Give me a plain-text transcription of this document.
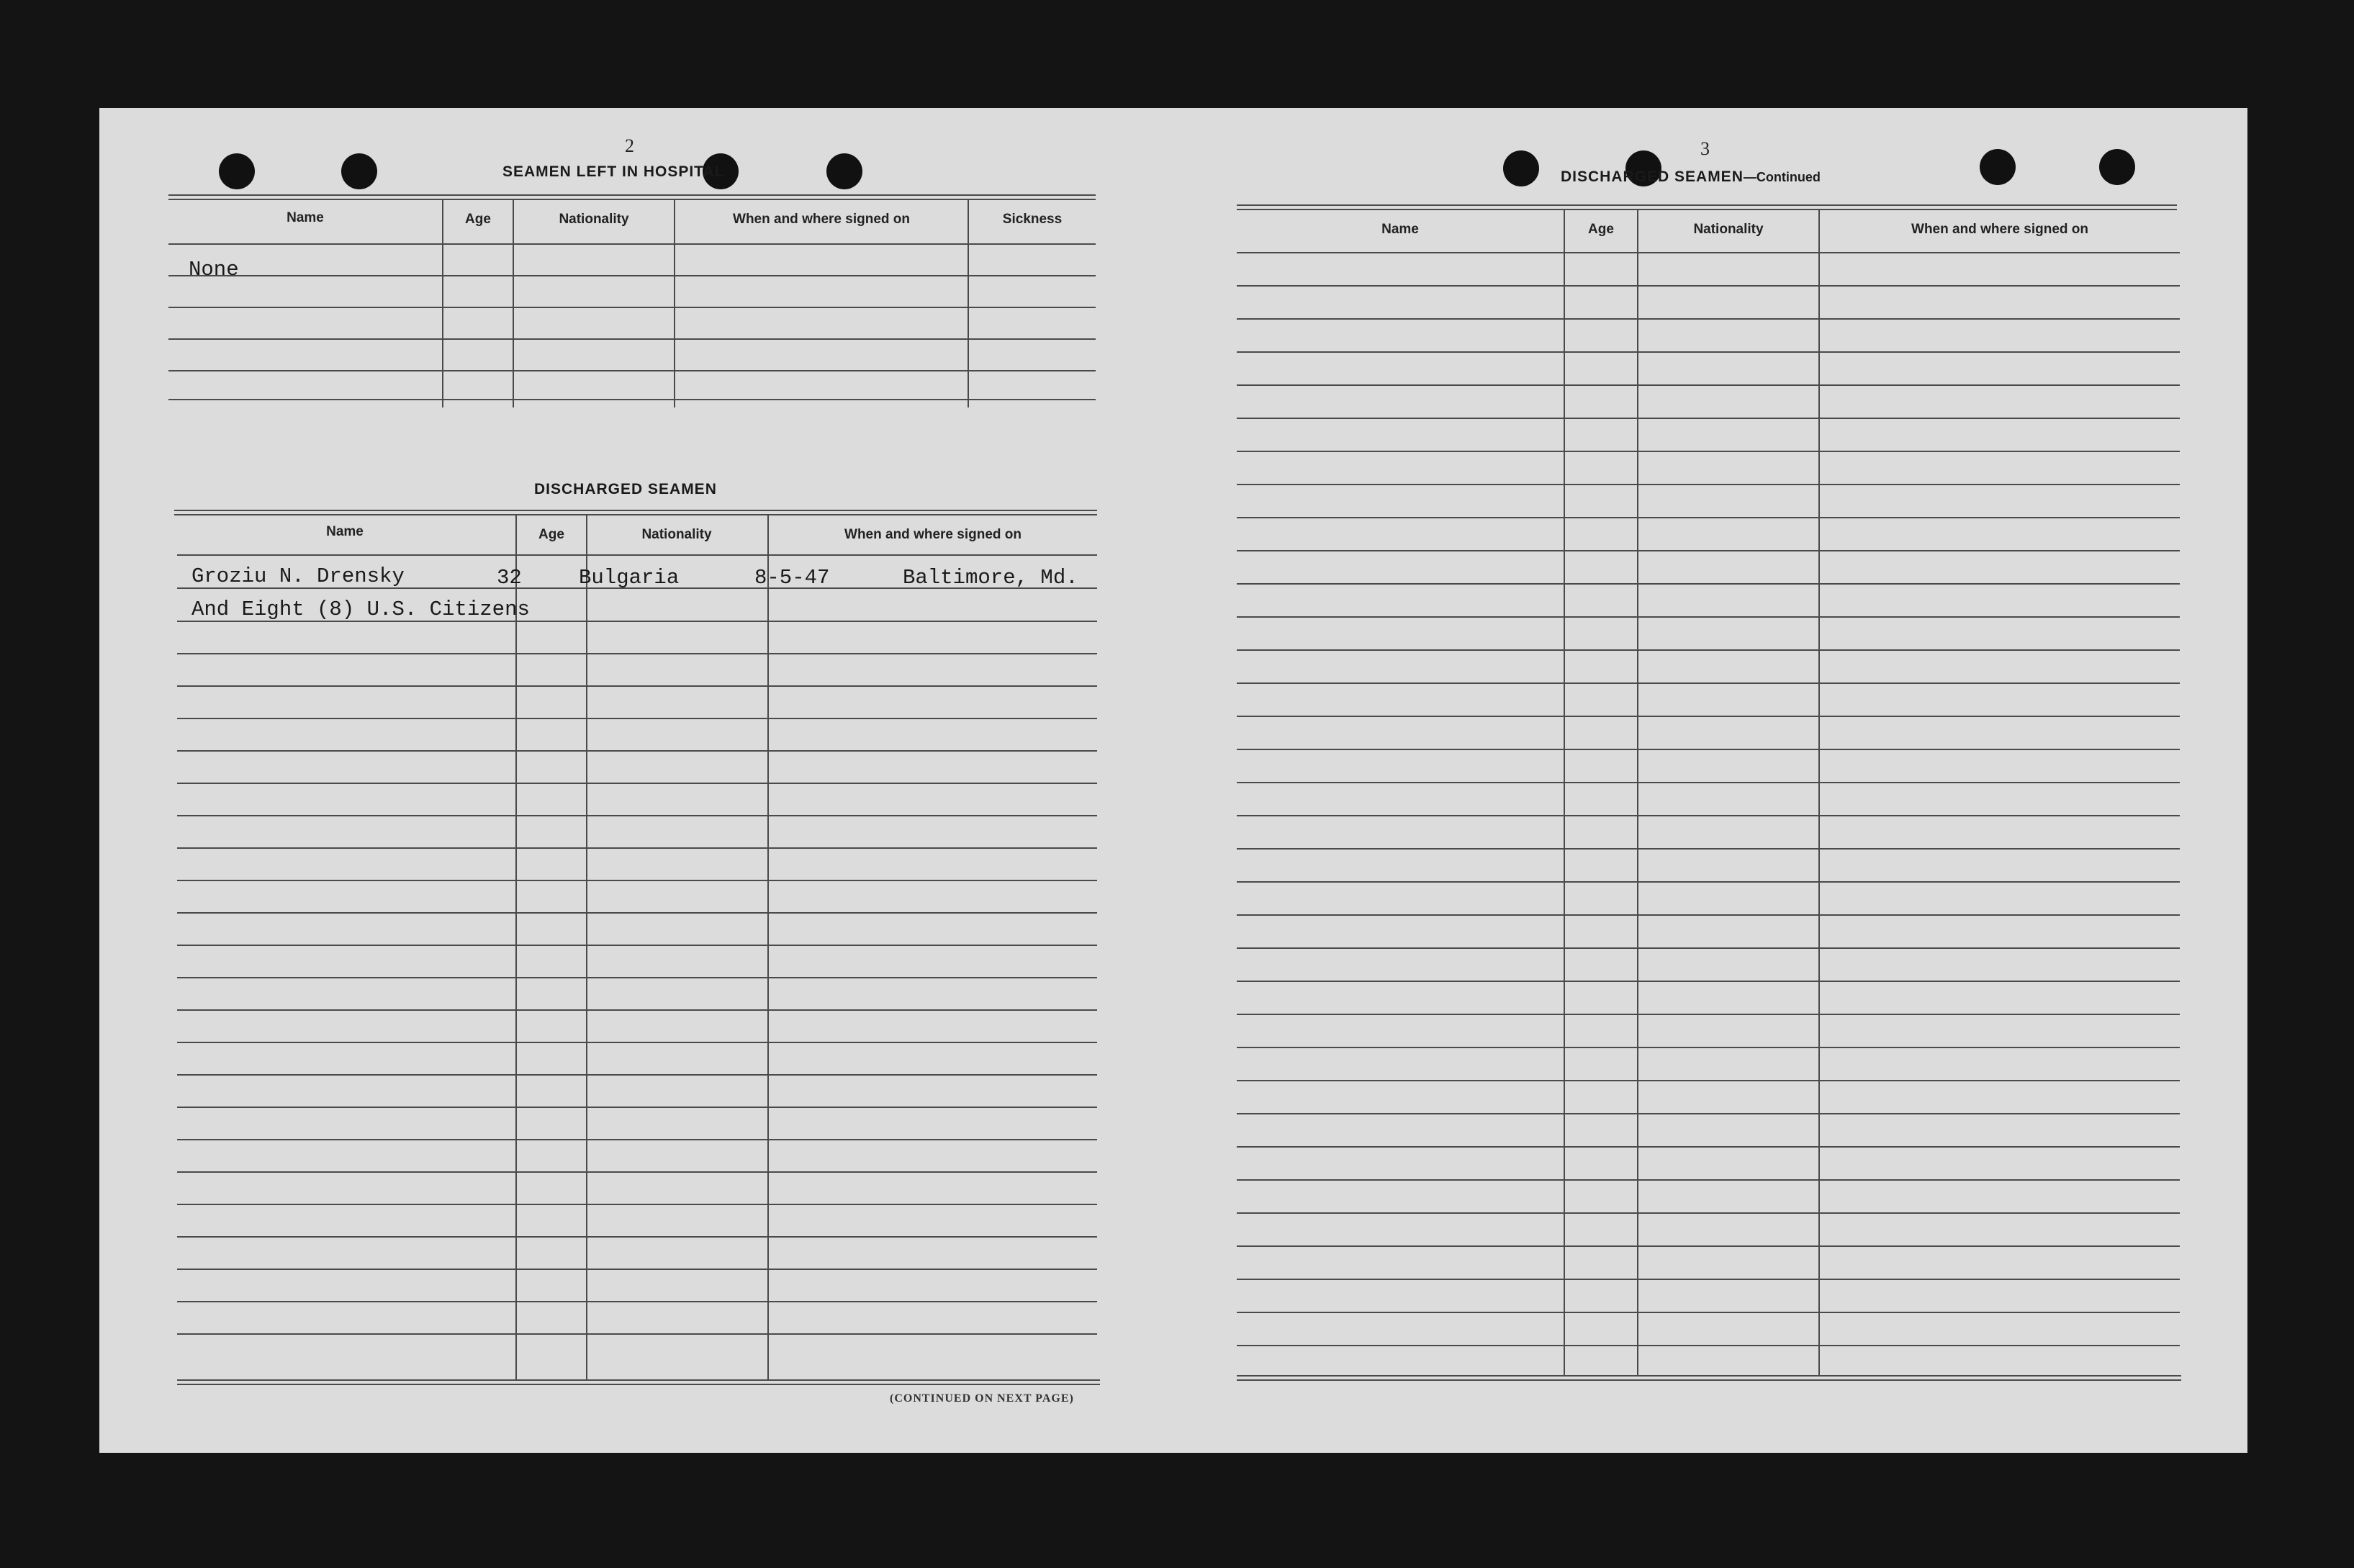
2
SEAMEN LEFT IN HOSPITAL
Name	Age	Nationality	When and where signed on	Sickness
None
DISCHARGED SEAMEN
Name	Age	Nationality	When and where signed on
Groziu N. Drensky	32	Bulgaria	8-5-47	Baltimore, Md.
And Eight (8) U.S. Citizens
(CONTINUED ON NEXT PAGE)
3
DISCHARGED SEAMEN—Continued
Name	Age	Nationality	When and where signed on
